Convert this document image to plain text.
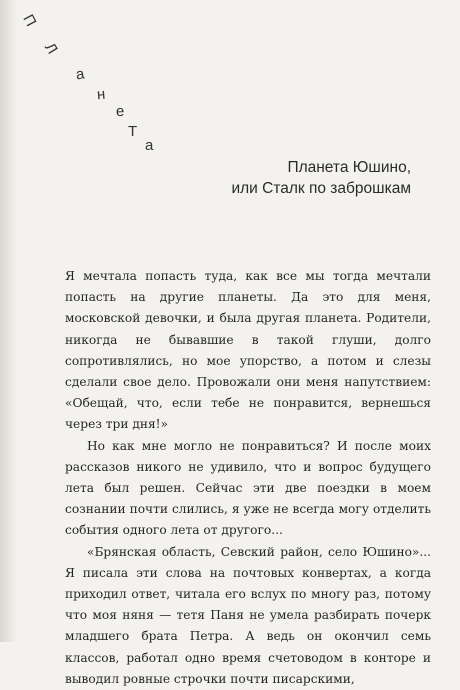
П
Л
а
н
е
Т
а
Планета Юшино,
или Сталк по заброшкам

Я мечтала попасть туда, как все мы тогда мечтали попасть на другие планеты. Да это для меня, московской девочки, и была другая планета. Родители, никогда не бывавшие в такой глуши, долго сопротивлялись, но мое упорство, а потом и слезы сделали свое дело. Провожали они меня напутствием: «Обещай, что, если тебе не понравится, вернешься через три дня!»

Но как мне могло не понравиться? И после моих рассказов никого не удивило, что и вопрос будущего лета был решен. Сейчас эти две поездки в моем сознании почти слились, я уже не всегда могу отделить события одного лета от другого...

«Брянская область, Севский район, село Юшино»... Я писала эти слова на почтовых конвертах, а когда приходил ответ, читала его вслух по многу раз, потому что моя няня — тетя Паня не умела разбирать почерк младшего брата Петра. А ведь он окончил семь классов, работал одно время счетоводом в конторе и выводил ровные строчки почти писарскими,
